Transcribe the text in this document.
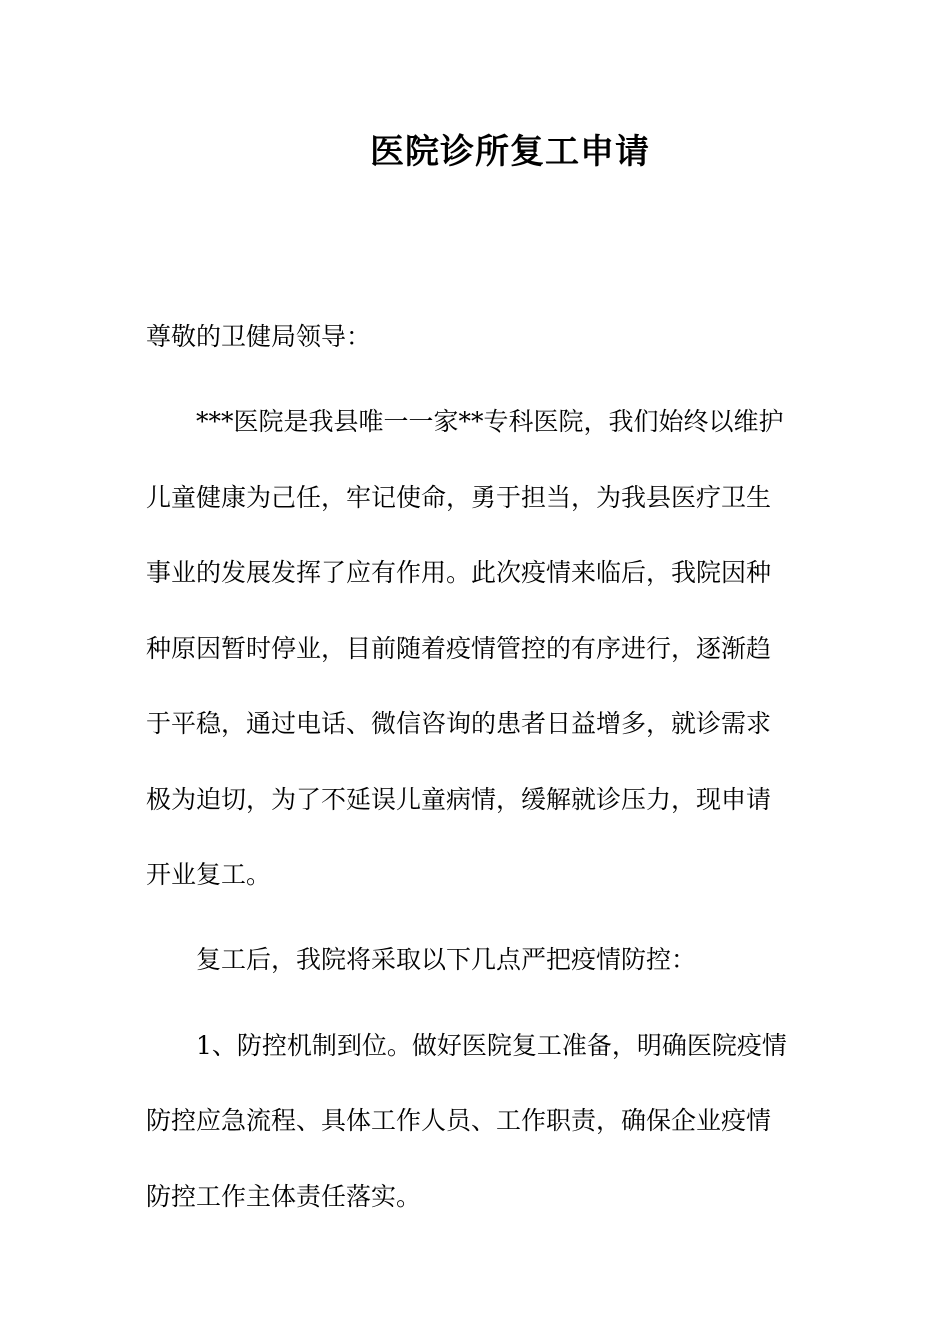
医院诊所复工申请

尊敬的卫健局领导：

***医院是我县唯一一家**专科医院，我们始终以维护

儿童健康为己任，牢记使命，勇于担当，为我县医疗卫生

事业的发展发挥了应有作用。此次疫情来临后，我院因种

种原因暂时停业，目前随着疫情管控的有序进行，逐渐趋

于平稳，通过电话、微信咨询的患者日益增多，就诊需求

极为迫切，为了不延误儿童病情，缓解就诊压力，现申请

开业复工。

复工后，我院将采取以下几点严把疫情防控：

1、防控机制到位。做好医院复工准备，明确医院疫情

防控应急流程、具体工作人员、工作职责，确保企业疫情

防控工作主体责任落实。
